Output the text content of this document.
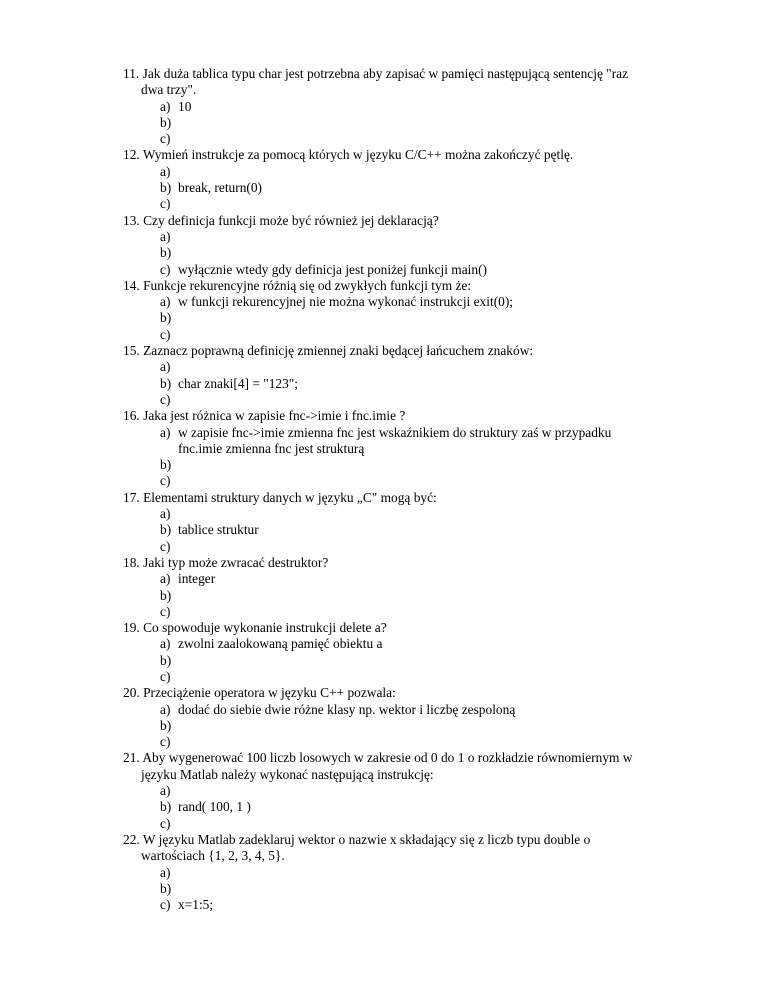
11. Jak duża tablica typu char jest potrzebna aby zapisać w pamięci następującą sentencję "raz
dwa trzy".
a) 10
b)
c)
12. Wymień instrukcje za pomocą których w języku C/C++ można zakończyć pętlę.
a)
b) break, return(0)
c)
13. Czy definicja funkcji może być również jej deklaracją?
a)
b)
c) wyłącznie wtedy gdy definicja jest poniżej funkcji main()
14. Funkcje rekurencyjne różnią się od zwykłych funkcji tym że:
a) w funkcji rekurencyjnej nie można wykonać instrukcji exit(0);
b)
c)
15. Zaznacz poprawną definicję zmiennej znaki będącej łańcuchem znaków:
a)
b) char znaki[4] = "123";
c)
16. Jaka jest różnica w zapisie fnc->imie i fnc.imie ?
a) w zapisie fnc->imie zmienna fnc jest wskaźnikiem do struktury zaś w przypadku
fnc.imie zmienna fnc jest strukturą
b)
c)
17. Elementami struktury danych w języku „C" mogą być:
a)
b) tablice struktur
c)
18. Jaki typ może zwracać destruktor?
a) integer
b)
c)
19. Co spowoduje wykonanie instrukcji delete a?
a) zwolni zaalokowaną pamięć obiektu a
b)
c)
20. Przeciążenie operatora w języku C++ pozwala:
a) dodać do siebie dwie różne klasy np. wektor i liczbę zespoloną
b)
c)
21. Aby wygenerować 100 liczb losowych w zakresie od 0 do 1 o rozkładzie równomiernym w
języku Matlab należy wykonać następującą instrukcję:
a)
b) rand( 100, 1 )
c)
22. W języku Matlab zadeklaruj wektor o nazwie x składający się z liczb typu double o
wartościach {1, 2, 3, 4, 5}.
a)
b)
c) x=1:5;
